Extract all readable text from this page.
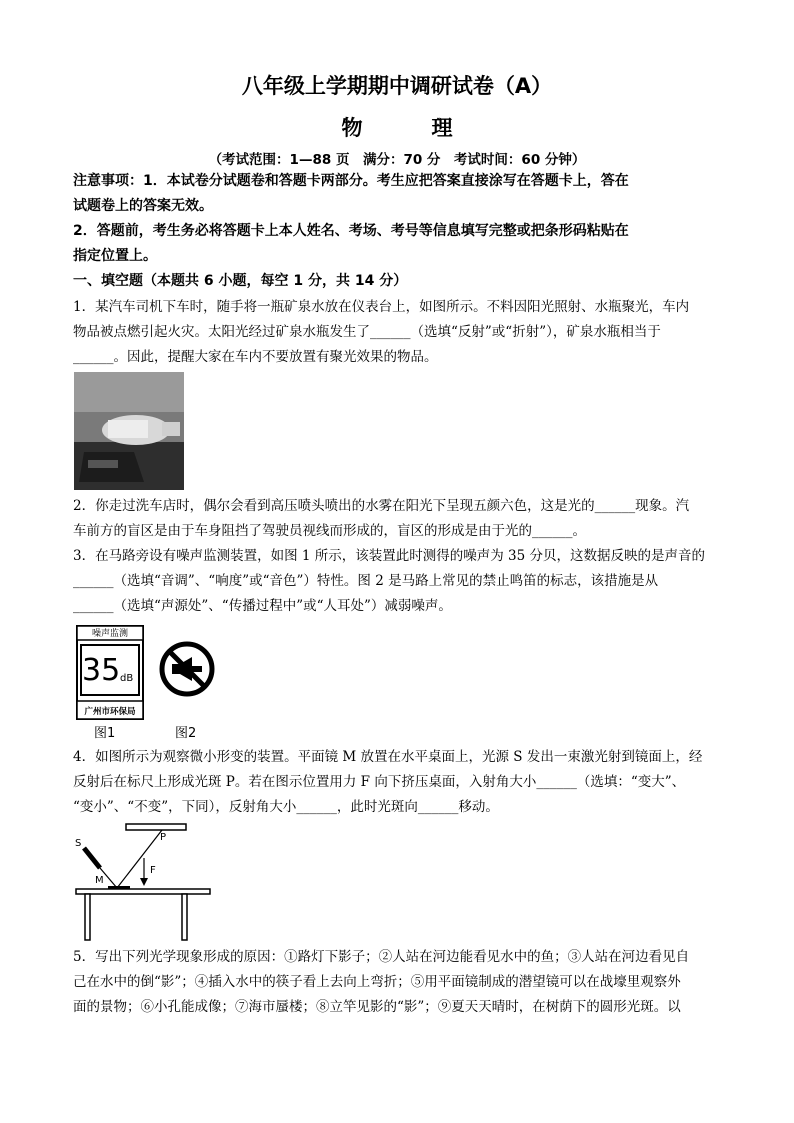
八年级上学期期中调研试卷（A）
物　理
（考试范围：1—88 页　满分：70 分　考试时间：60 分钟）
注意事项：1．本试卷分试题卷和答题卡两部分。考生应把答案直接涂写在答题卡上，答在
试题卷上的答案无效。
2．答题前，考生务必将答题卡上本人姓名、考场、考号等信息填写完整或把条形码粘贴在
指定位置上。
一、填空题（本题共 6 小题，每空 1 分，共 14 分）
1．某汽车司机下车时，随手将一瓶矿泉水放在仪表台上，如图所示。不料因阳光照射、水瓶聚光，车内
物品被点燃引起火灾。太阳光经过矿泉水瓶发生了______（选填“反射”或“折射”），矿泉水瓶相当于
______。因此，提醒大家在车内不要放置有聚光效果的物品。
2．你走过洗车店时，偶尔会看到高压喷头喷出的水雾在阳光下呈现五颜六色，这是光的______现象。汽
车前方的盲区是由于车身阻挡了驾驶员视线而形成的，盲区的形成是由于光的______。
3．在马路旁设有噪声监测装置，如图 1 所示，该装置此时测得的噪声为 35 分贝，这数据反映的是声音的
______（选填“音调”、“响度”或“音色”）特性。图 2 是马路上常见的禁止鸣笛的标志，该措施是从
______（选填“声源处”、“传播过程中”或“人耳处”）减弱噪声。
噪声监测
35 dB
广州市环保局
图1	图2
4．如图所示为观察微小形变的装置。平面镜 M 放置在水平桌面上，光源 S 发出一束激光射到镜面上，经
反射后在标尺上形成光斑 P。若在图示位置用力 F 向下挤压桌面，入射角大小______（选填：“变大”、
“变小”、“不变”，下同），反射角大小______，此时光斑向______移动。
S
P
M
F
5．写出下列光学现象形成的原因：①路灯下影子；②人站在河边能看见水中的鱼；③人站在河边看见自
己在水中的倒“影”；④插入水中的筷子看上去向上弯折；⑤用平面镜制成的潜望镜可以在战壕里观察外
面的景物；⑥小孔能成像；⑦海市蜃楼；⑧立竿见影的“影”；⑨夏天天晴时，在树荫下的圆形光斑。以
